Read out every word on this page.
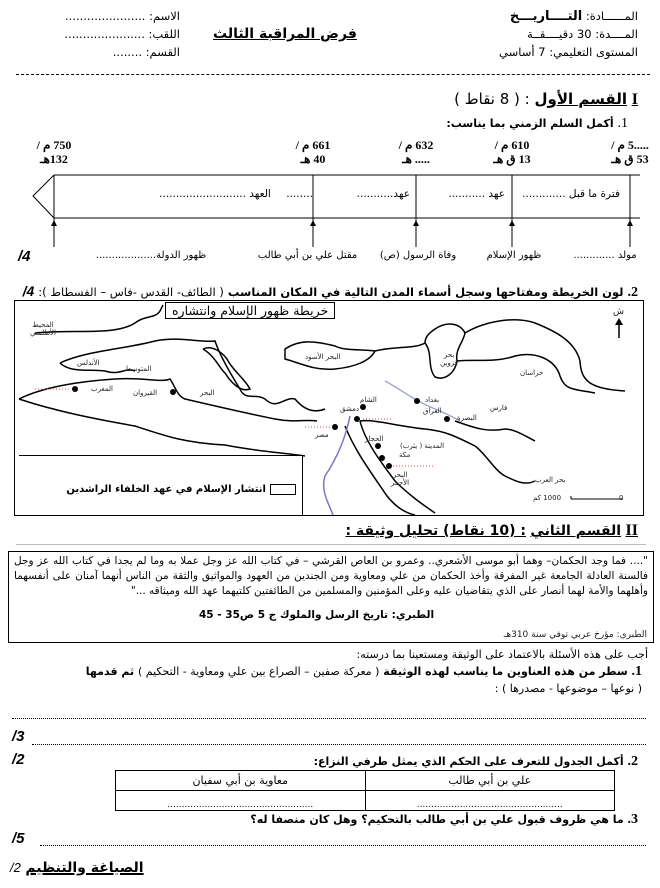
المــــــادة: التــــاريـــخ
المــــدة: 30 دقيــــقــة
المستوى التعليمي: 7 أساسي
فرض المراقبة الثالث
الاسم: ......................
اللقب: ......................
القسم: ........
I القسم الأول : ( 8 نقاط )
1. أكمل السلم الزمني بما يناسب:
.....5 م /
53 ق هـ
610 م /
13 ق هـ
632 م /
..... هـ
661 م /
40 هـ
750 م /
132هـ
فترة ما قبل .............
عهد ...........
عهد...........
........
العهد ..........................
مولد .............
ظهور الإسلام
وفاة الرسول (ص)
مقتل علي بن أبي طالب
ظهور الدولة...................
/4
2. لون الخريطة ومفتاحها وسجل أسماء المدن التالية في المكان المناسب ( الطائف- القدس -فاس – الفسطاط ): 4/
خريطة ظهور الإسلام وانتشاره	ش
المحيط الأطلسي
الأندلس
المتوسط
البحر
المغرب	القيروان
البحر الأسود	بحر قزوين
خراسان
الشام
دمشق
بغداد
العراق	فارس
البصرة
مصر	الحجاز
المدينة ( يثرب)
مكة
البحر الأحمر	بحر العرب
1000 كم	0
انتشار الإسلام في عهد الخلفاء الراشدين
II القسم الثاني : (10 نقاط) تحليل وثيقة :
".... فما وجد الحكمان– وهما أبو موسى الأشعري.. وعمرو بن العاص القرشي – في كتاب الله عز وجل عملا به وما لم يجدا في كتاب الله عز وجل فالسنة العادلة الجامعة غير المفرقة وأخذ الحكمان من علي ومعاوية ومن الجندين من العهود والمواثيق والثقة من الناس أنهما آمنان على أنفسهما وأهلهما والأمة لهما أنصار على الذي يتقاضيان عليه وعلى المؤمنين والمسلمين من الطائفتين كلتيهما عهد الله وميثاقه ..."
الطبري: تاريخ الرسل والملوك ج 5 ص35 - 45
الطبري: مؤرخ عربي توفي سنة 310هـ
أجب على هذه الأسئلة بالاعتماد على الوثيقة ومستعينا بما درسته:
1. سطر من هذه العناوين ما يناسب لهذه الوثيقة ( معركة صفين – الصراع بين علي ومعاوية - التحكيم ) ثم قدمها
( نوعها – موضوعها - مصدرها ) :
/3
/2	2. أكمل الجدول للتعرف على الحكم الذي يمثل طرفي النزاع:
علي بن أبي طالب	معاوية بن أبي سفيان
...................................................	...................................................
3. ما هي ظروف قبول علي بن أبي طالب بالتحكيم؟ وهل كان منصفا له؟
/5
الصياغة والتنظيم 2/
